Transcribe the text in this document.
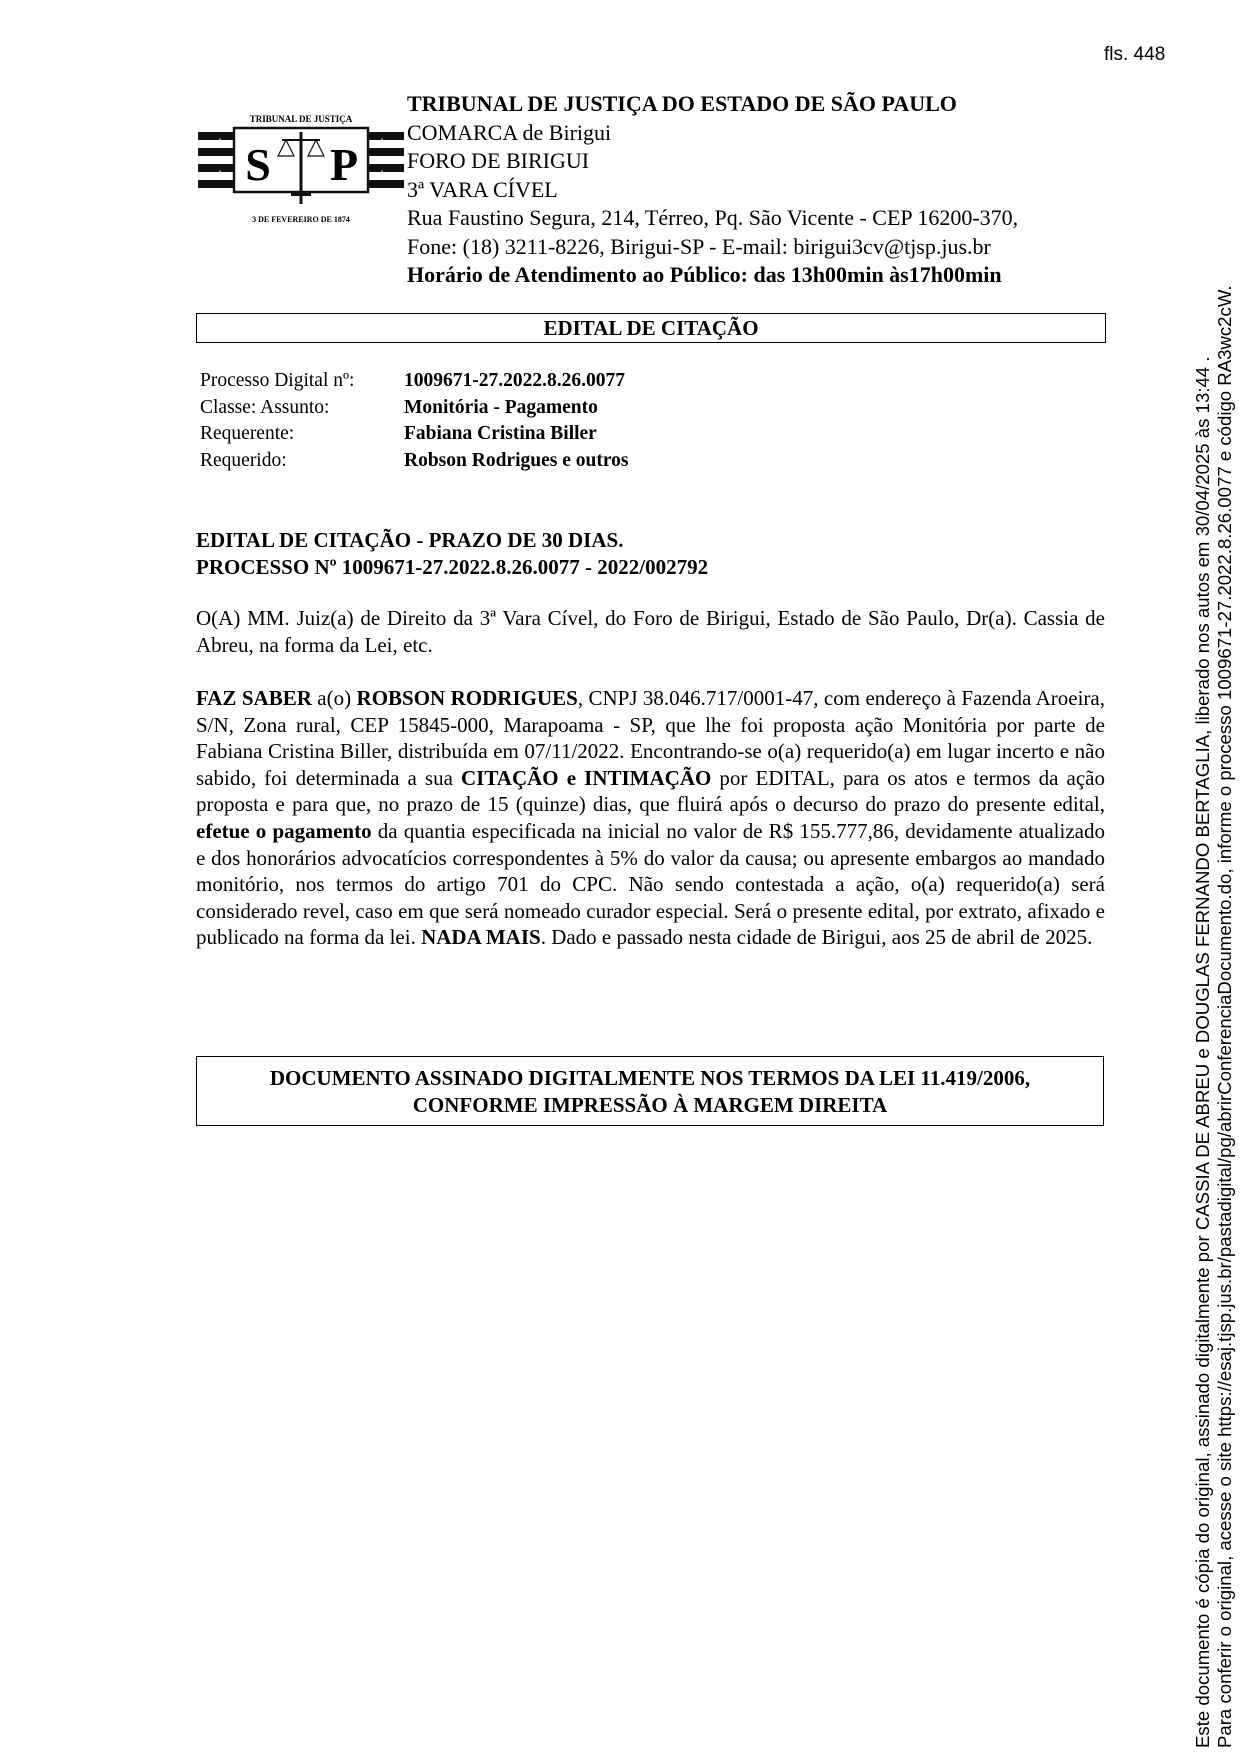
fls. 448
TRIBUNAL DE JUSTIÇA
S P
★	★
★	★
3 DE FEVEREIRO DE 1874
TRIBUNAL DE JUSTIÇA DO ESTADO DE SÃO PAULO
COMARCA de Birigui
FORO DE BIRIGUI
3ª VARA CÍVEL
Rua Faustino Segura, 214, Térreo, Pq. São Vicente - CEP 16200-370,
Fone: (18) 3211-8226, Birigui-SP - E-mail: birigui3cv@tjsp.jus.br
Horário de Atendimento ao Público: das 13h00min às17h00min
EDITAL DE CITAÇÃO
Processo Digital nº:	1009671-27.2022.8.26.0077
Classe: Assunto:	Monitória - Pagamento
Requerente:	Fabiana Cristina Biller
Requerido:	Robson Rodrigues e outros
EDITAL DE CITAÇÃO - PRAZO DE 30 DIAS.
PROCESSO Nº 1009671-27.2022.8.26.0077 - 2022/002792
O(A) MM. Juiz(a) de Direito da 3ª Vara Cível, do Foro de Birigui, Estado de São Paulo, Dr(a). Cassia de Abreu, na forma da Lei, etc.
FAZ SABER a(o) ROBSON RODRIGUES, CNPJ 38.046.717/0001-47, com endereço à Fazenda Aroeira, S/N, Zona rural, CEP 15845-000, Marapoama - SP, que lhe foi proposta ação Monitória por parte de Fabiana Cristina Biller, distribuída em 07/11/2022. Encontrando-se o(a) requerido(a) em lugar incerto e não sabido, foi determinada a sua CITAÇÃO e INTIMAÇÃO por EDITAL, para os atos e termos da ação proposta e para que, no prazo de 15 (quinze) dias, que fluirá após o decurso do prazo do presente edital, efetue o pagamento da quantia especificada na inicial no valor de R$ 155.777,86, devidamente atualizado e dos honorários advocatícios correspondentes à 5% do valor da causa; ou apresente embargos ao mandado monitório, nos termos do artigo 701 do CPC. Não sendo contestada a ação, o(a) requerido(a) será considerado revel, caso em que será nomeado curador especial. Será o presente edital, por extrato, afixado e publicado na forma da lei. NADA MAIS. Dado e passado nesta cidade de Birigui, aos 25 de abril de 2025.
DOCUMENTO ASSINADO DIGITALMENTE NOS TERMOS DA LEI 11.419/2006,
CONFORME IMPRESSÃO À MARGEM DIREITA	Este documento é cópia do original, assinado digitalmente por CASSIA DE ABREU e DOUGLAS FERNANDO BERTAGLIA, liberado nos autos em 30/04/2025 às 13:44 . Para conferir o original, acesse o site https://esaj.tjsp.jus.br/pastadigital/pg/abrirConferenciaDocumento.do, informe o processo 1009671-27.2022.8.26.0077 e código RA3wc2cW.
